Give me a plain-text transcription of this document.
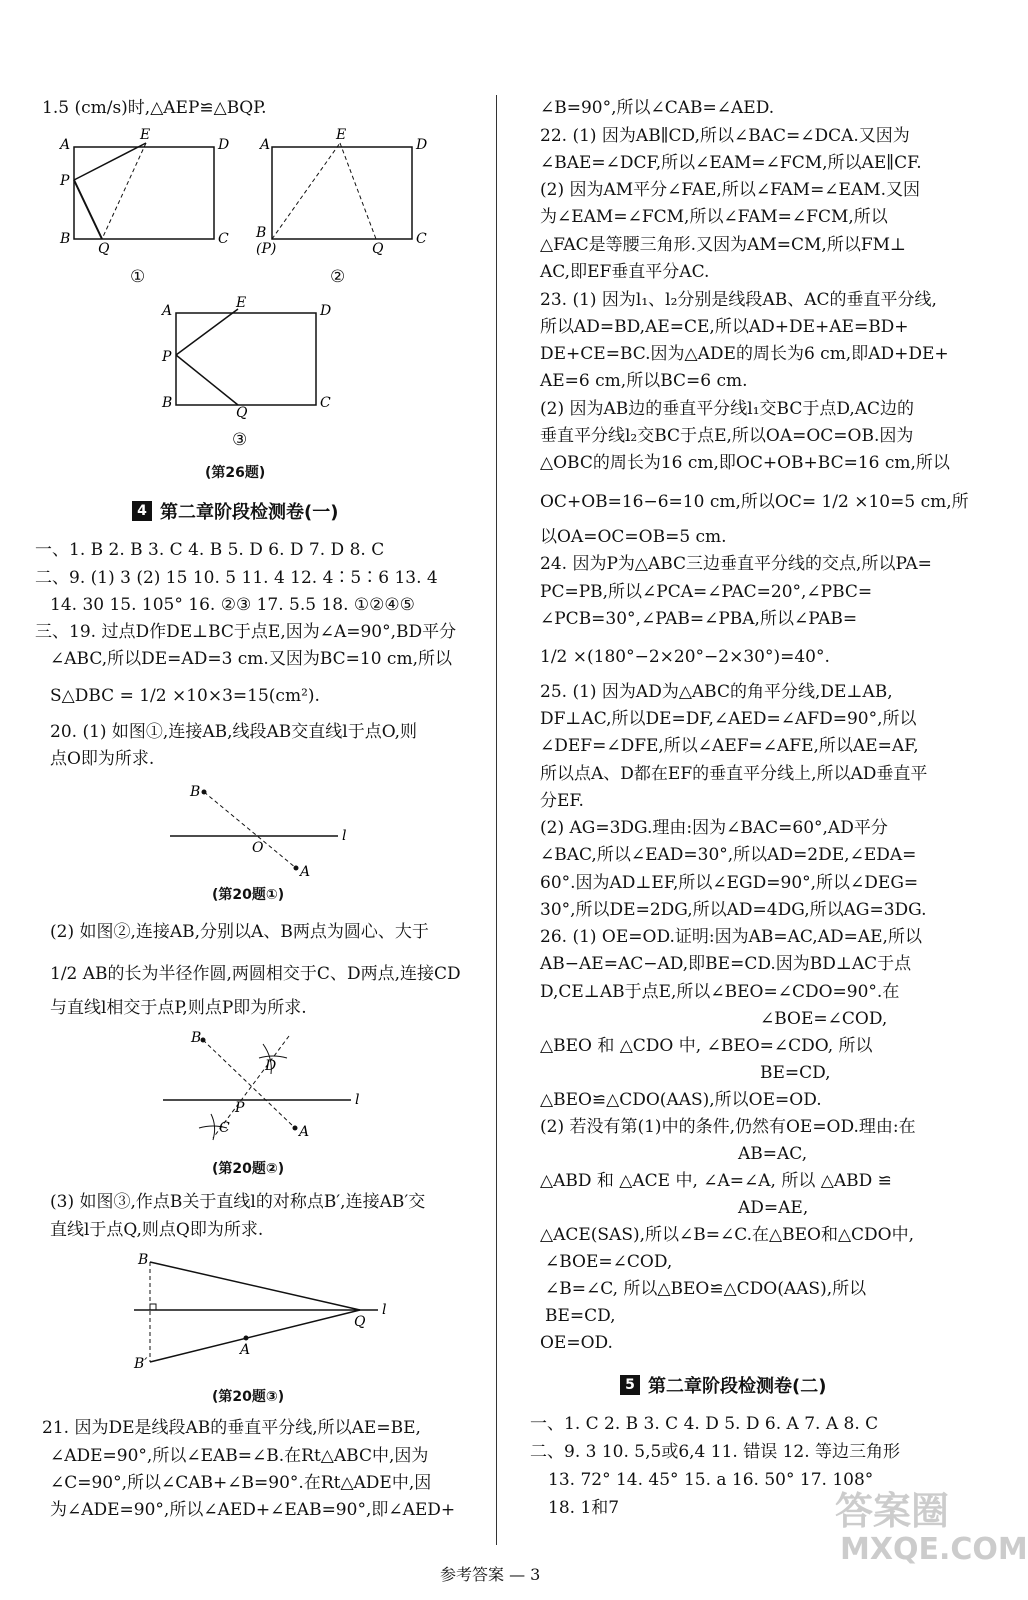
1.5 (cm/s)时,△AEP≌△BQP.
A
E
D
P
B
Q
C
A
E
D
B
(P)	Q
C
A	E	D
P
B
Q
C
①	②
③
(第26题)
4 第二章阶段检测卷(一)
一、1. B 2. B 3. C 4. B 5. D 6. D 7. D 8. C
二、9. (1) 3 (2) 15 10. 5 11. 4 12. 4∶5∶6 13. 4
14. 30 15. 105° 16. ②③ 17. 5.5 18. ①②④⑤
三、19. 过点D作DE⊥BC于点E,因为∠A=90°,BD平分
∠ABC,所以DE=AD=3 cm.又因为BC=10 cm,所以
S△DBC = 1/2 ×10×3=15(cm²).
20. (1) 如图①,连接AB,线段AB交直线l于点O,则
点O即为所求.
B
A
O
l
(第20题①)
(2) 如图②,连接AB,分别以A、B两点为圆心、大于
1/2 AB的长为半径作圆,两圆相交于C、D两点,连接CD
与直线l相交于点P,则点P即为所求.
B
A
D
C
P	l
(第20题②)
(3) 如图③,作点B关于直线l的对称点B′,连接AB′交
直线l于点Q,则点Q即为所求.
B
B′
A
Q
l
(第20题③)
21. 因为DE是线段AB的垂直平分线,所以AE=BE,
∠ADE=90°,所以∠EAB=∠B.在Rt△ABC中,因为
∠C=90°,所以∠CAB+∠B=90°.在Rt△ADE中,因
为∠ADE=90°,所以∠AED+∠EAB=90°,即∠AED+
∠B=90°,所以∠CAB=∠AED.
22. (1) 因为AB∥CD,所以∠BAC=∠DCA.又因为
∠BAE=∠DCF,所以∠EAM=∠FCM,所以AE∥CF.
(2) 因为AM平分∠FAE,所以∠FAM=∠EAM.又因
为∠EAM=∠FCM,所以∠FAM=∠FCM,所以
△FAC是等腰三角形.又因为AM=CM,所以FM⊥
AC,即EF垂直平分AC.
23. (1) 因为l₁、l₂分别是线段AB、AC的垂直平分线,
所以AD=BD,AE=CE,所以AD+DE+AE=BD+
DE+CE=BC.因为△ADE的周长为6 cm,即AD+DE+
AE=6 cm,所以BC=6 cm.
(2) 因为AB边的垂直平分线l₁交BC于点D,AC边的
垂直平分线l₂交BC于点E,所以OA=OC=OB.因为
△OBC的周长为16 cm,即OC+OB+BC=16 cm,所以
OC+OB=16−6=10 cm,所以OC= 1/2 ×10=5 cm,所
以OA=OC=OB=5 cm.
24. 因为P为△ABC三边垂直平分线的交点,所以PA=
PC=PB,所以∠PCA=∠PAC=20°,∠PBC=
∠PCB=30°,∠PAB=∠PBA,所以∠PAB=
1/2 ×(180°−2×20°−2×30°)=40°.
25. (1) 因为AD为△ABC的角平分线,DE⊥AB,
DF⊥AC,所以DE=DF,∠AED=∠AFD=90°,所以
∠DEF=∠DFE,所以∠AEF=∠AFE,所以AE=AF,
所以点A、D都在EF的垂直平分线上,所以AD垂直平
分EF.
(2) AG=3DG.理由:因为∠BAC=60°,AD平分
∠BAC,所以∠EAD=30°,所以AD=2DE,∠EDA=
60°.因为AD⊥EF,所以∠EGD=90°,所以∠DEG=
30°,所以DE=2DG,所以AD=4DG,所以AG=3DG.
26. (1) OE=OD.证明:因为AB=AC,AD=AE,所以
AB−AE=AC−AD,即BE=CD.因为BD⊥AC于点
D,CE⊥AB于点E,所以∠BEO=∠CDO=90°.在
∠BOE=∠COD,
△BEO 和 △CDO 中, ∠BEO=∠CDO, 所以
BE=CD,
△BEO≌△CDO(AAS),所以OE=OD.
(2) 若没有第(1)中的条件,仍然有OE=OD.理由:在
AB=AC,
△ABD 和 △ACE 中, ∠A=∠A, 所以 △ABD ≌
AD=AE,
△ACE(SAS),所以∠B=∠C.在△BEO和△CDO中,
∠BOE=∠COD,
∠B=∠C, 所以△BEO≌△CDO(AAS),所以
BE=CD,
OE=OD.
5 第二章阶段检测卷(二)
一、1. C 2. B 3. C 4. D 5. D 6. A 7. A 8. C
二、9. 3 10. 5,5或6,4 11. 错误 12. 等边三角形
13. 72° 14. 45° 15. a 16. 50° 17. 108°
18. 1和7	答案圈
MXQE.COM
参考答案 — 3
